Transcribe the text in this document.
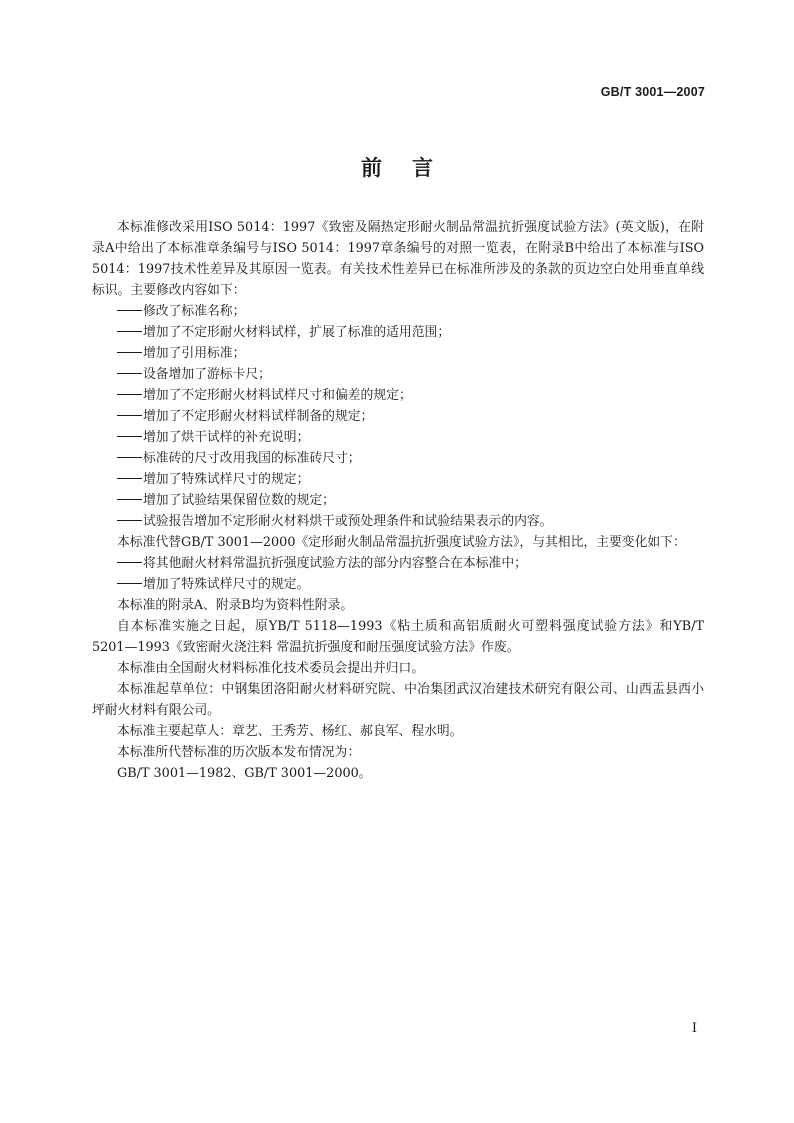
GB/T 3001—2007
前言

本标准修改采用ISO 5014：1997《致密及隔热定形耐火制品常温抗折强度试验方法》(英文版)，在附录A中给出了本标准章条编号与ISO 5014：1997章条编号的对照一览表，在附录B中给出了本标准与ISO 5014：1997技术性差异及其原因一览表。有关技术性差异已在标准所涉及的条款的页边空白处用垂直单线标识。主要修改内容如下：

修改了标准名称；

增加了不定形耐火材料试样，扩展了标准的适用范围；

增加了引用标准；

设备增加了游标卡尺；

增加了不定形耐火材料试样尺寸和偏差的规定；

增加了不定形耐火材料试样制备的规定；

增加了烘干试样的补充说明；

标准砖的尺寸改用我国的标准砖尺寸；

增加了特殊试样尺寸的规定；

增加了试验结果保留位数的规定；

试验报告增加不定形耐火材料烘干或预处理条件和试验结果表示的内容。

本标准代替GB/T 3001—2000《定形耐火制品常温抗折强度试验方法》，与其相比，主要变化如下：

将其他耐火材料常温抗折强度试验方法的部分内容整合在本标准中；

增加了特殊试样尺寸的规定。

本标准的附录A、附录B均为资料性附录。

自本标准实施之日起，原YB/T 5118—1993《粘土质和高铝质耐火可塑料强度试验方法》和YB/T 5201—1993《致密耐火浇注料 常温抗折强度和耐压强度试验方法》作废。

本标准由全国耐火材料标准化技术委员会提出并归口。

本标准起草单位：中钢集团洛阳耐火材料研究院、中冶集团武汉冶建技术研究有限公司、山西盂县西小坪耐火材料有限公司。

本标准主要起草人：章艺、王秀芳、杨红、郝良军、程水明。

本标准所代替标准的历次版本发布情况为：

GB/T 3001—1982、GB/T 3001—2000。

I
